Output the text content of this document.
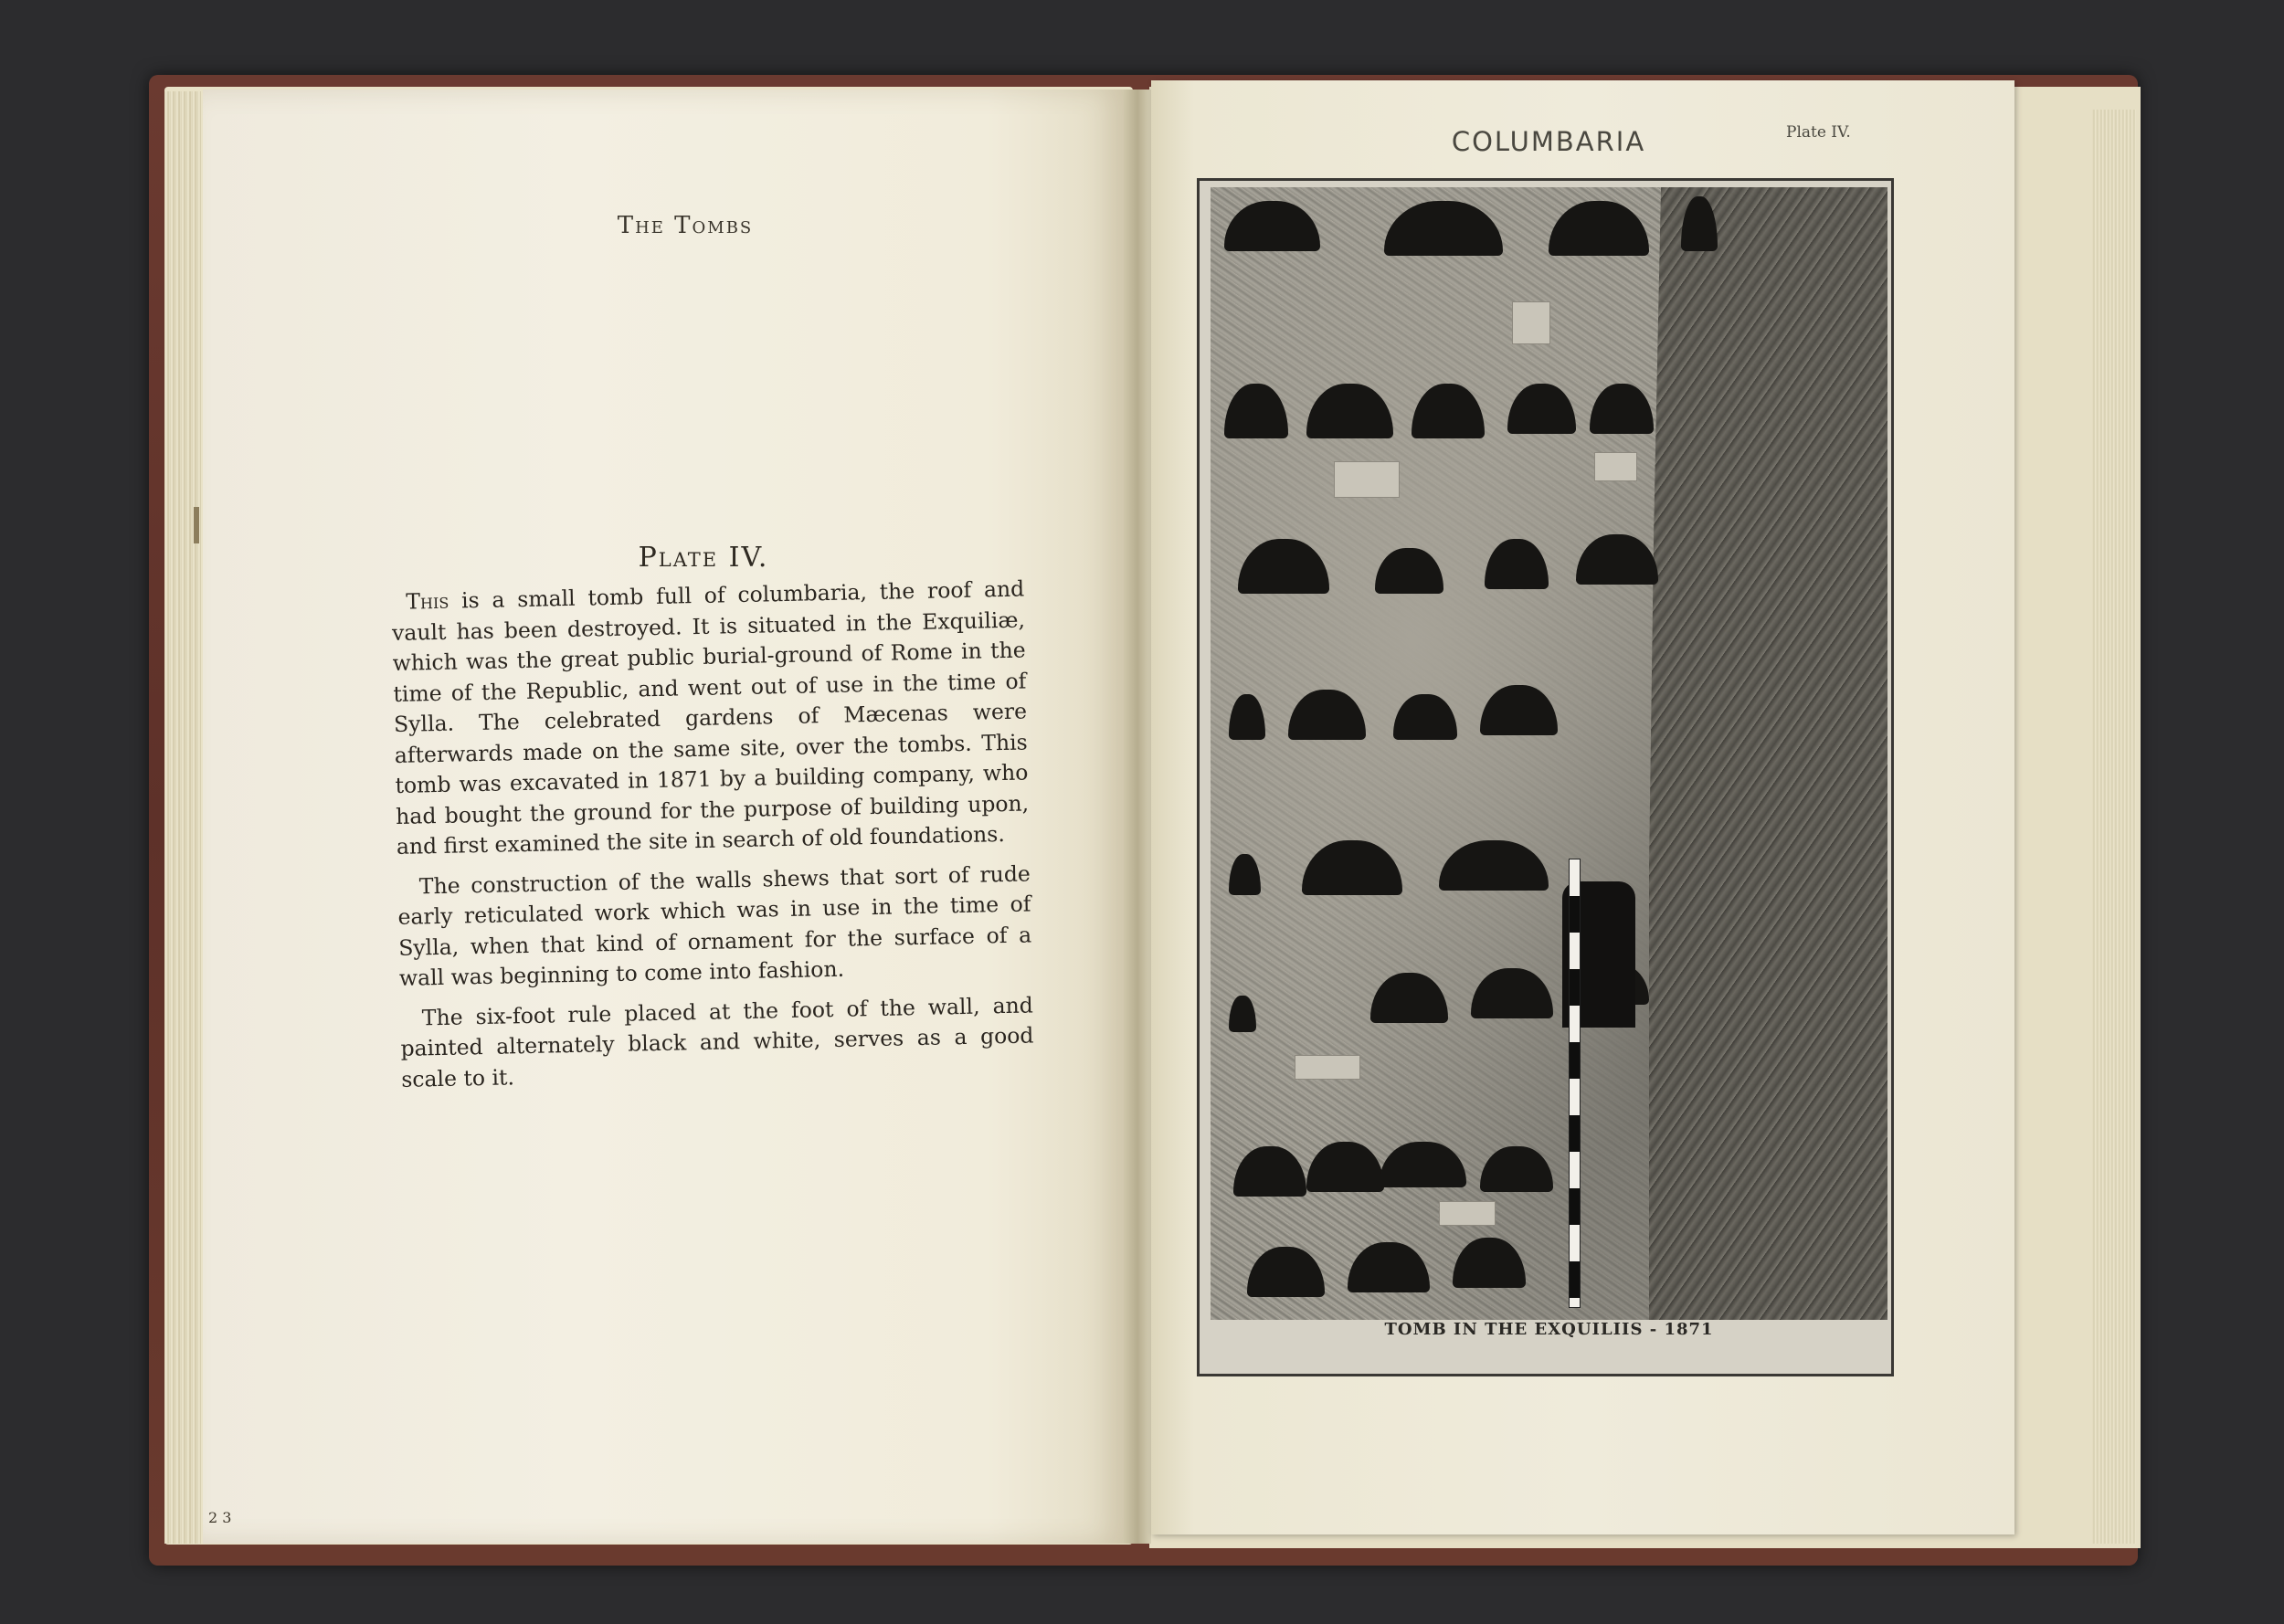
The Tombs
Plate IV.

This is a small tomb full of columbaria, the roof and vault has been destroyed. It is situated in the Exquiliæ, which was the great public burial-ground of Rome in the time of the Republic, and went out of use in the time of Sylla. The celebrated gardens of Mæcenas were afterwards made on the same site, over the tombs. This tomb was excavated in 1871 by a building company, who had bought the ground for the purpose of building upon, and first examined the site in search of old foundations.

The construction of the walls shews that sort of rude early reticulated work which was in use in the time of Sylla, when that kind of ornament for the surface of a wall was beginning to come into fashion.

The six-foot rule placed at the foot of the wall, and painted alternately black and white, serves as a good scale to it.

2 3
COLUMBARIA	Plate IV.
TOMB IN THE EXQUILIIS - 1871
